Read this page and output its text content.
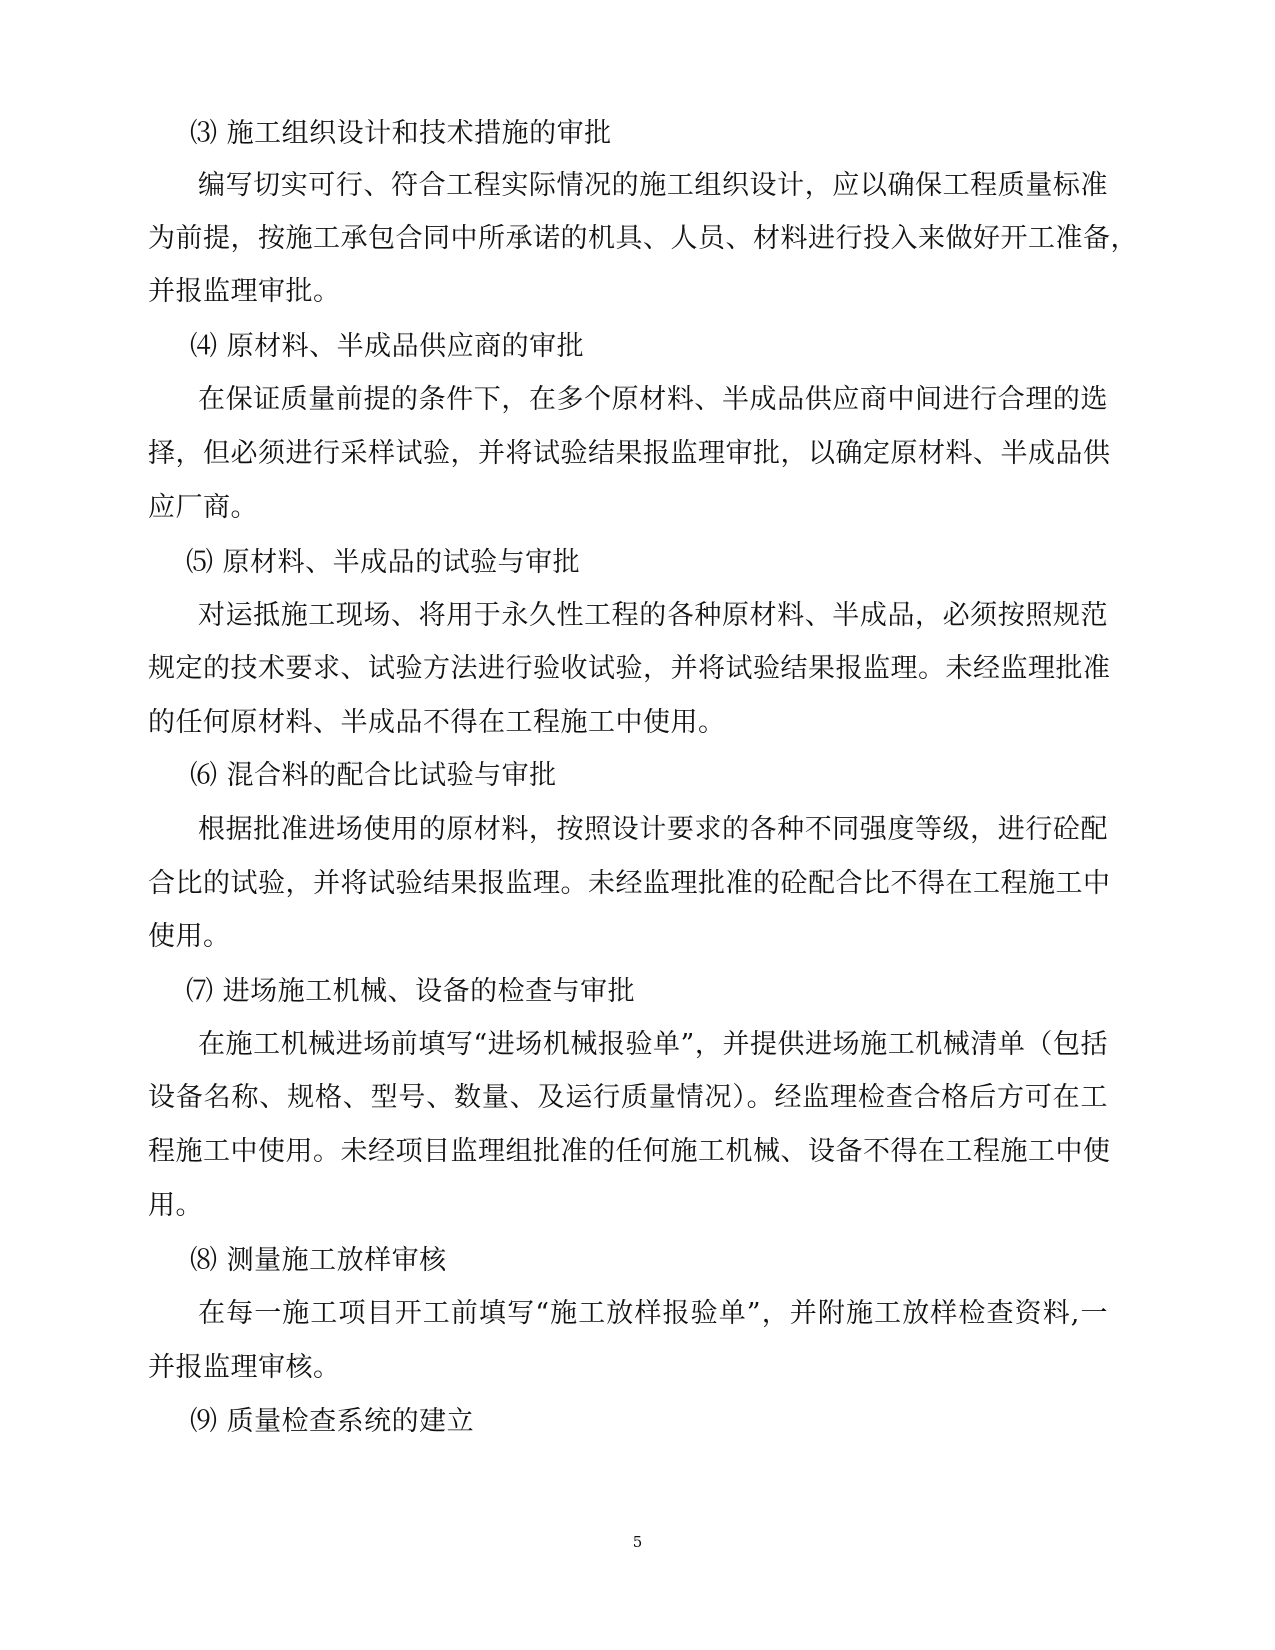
⑶ 施工组织设计和技术措施的审批
编写切实可行、符合工程实际情况的施工组织设计，应以确保工程质量标准
为前提，按施工承包合同中所承诺的机具、人员、材料进行投入来做好开工准备，
并报监理审批。
⑷ 原材料、半成品供应商的审批
在保证质量前提的条件下，在多个原材料、半成品供应商中间进行合理的选
择，但必须进行采样试验，并将试验结果报监理审批，以确定原材料、半成品供
应厂商。
⑸ 原材料、半成品的试验与审批
对运抵施工现场、将用于永久性工程的各种原材料、半成品，必须按照规范
规定的技术要求、试验方法进行验收试验，并将试验结果报监理。未经监理批准
的任何原材料、半成品不得在工程施工中使用。
⑹ 混合料的配合比试验与审批
根据批准进场使用的原材料，按照设计要求的各种不同强度等级，进行砼配
合比的试验，并将试验结果报监理。未经监理批准的砼配合比不得在工程施工中
使用。
⑺ 进场施工机械、设备的检查与审批
在施工机械进场前填写“进场机械报验单”，并提供进场施工机械清单（包括
设备名称、规格、型号、数量、及运行质量情况）。经监理检查合格后方可在工
程施工中使用。未经项目监理组批准的任何施工机械、设备不得在工程施工中使
用。
⑻ 测量施工放样审核
在每一施工项目开工前填写“施工放样报验单”，并附施工放样检查资料,一
并报监理审核。
⑼ 质量检查系统的建立
5
